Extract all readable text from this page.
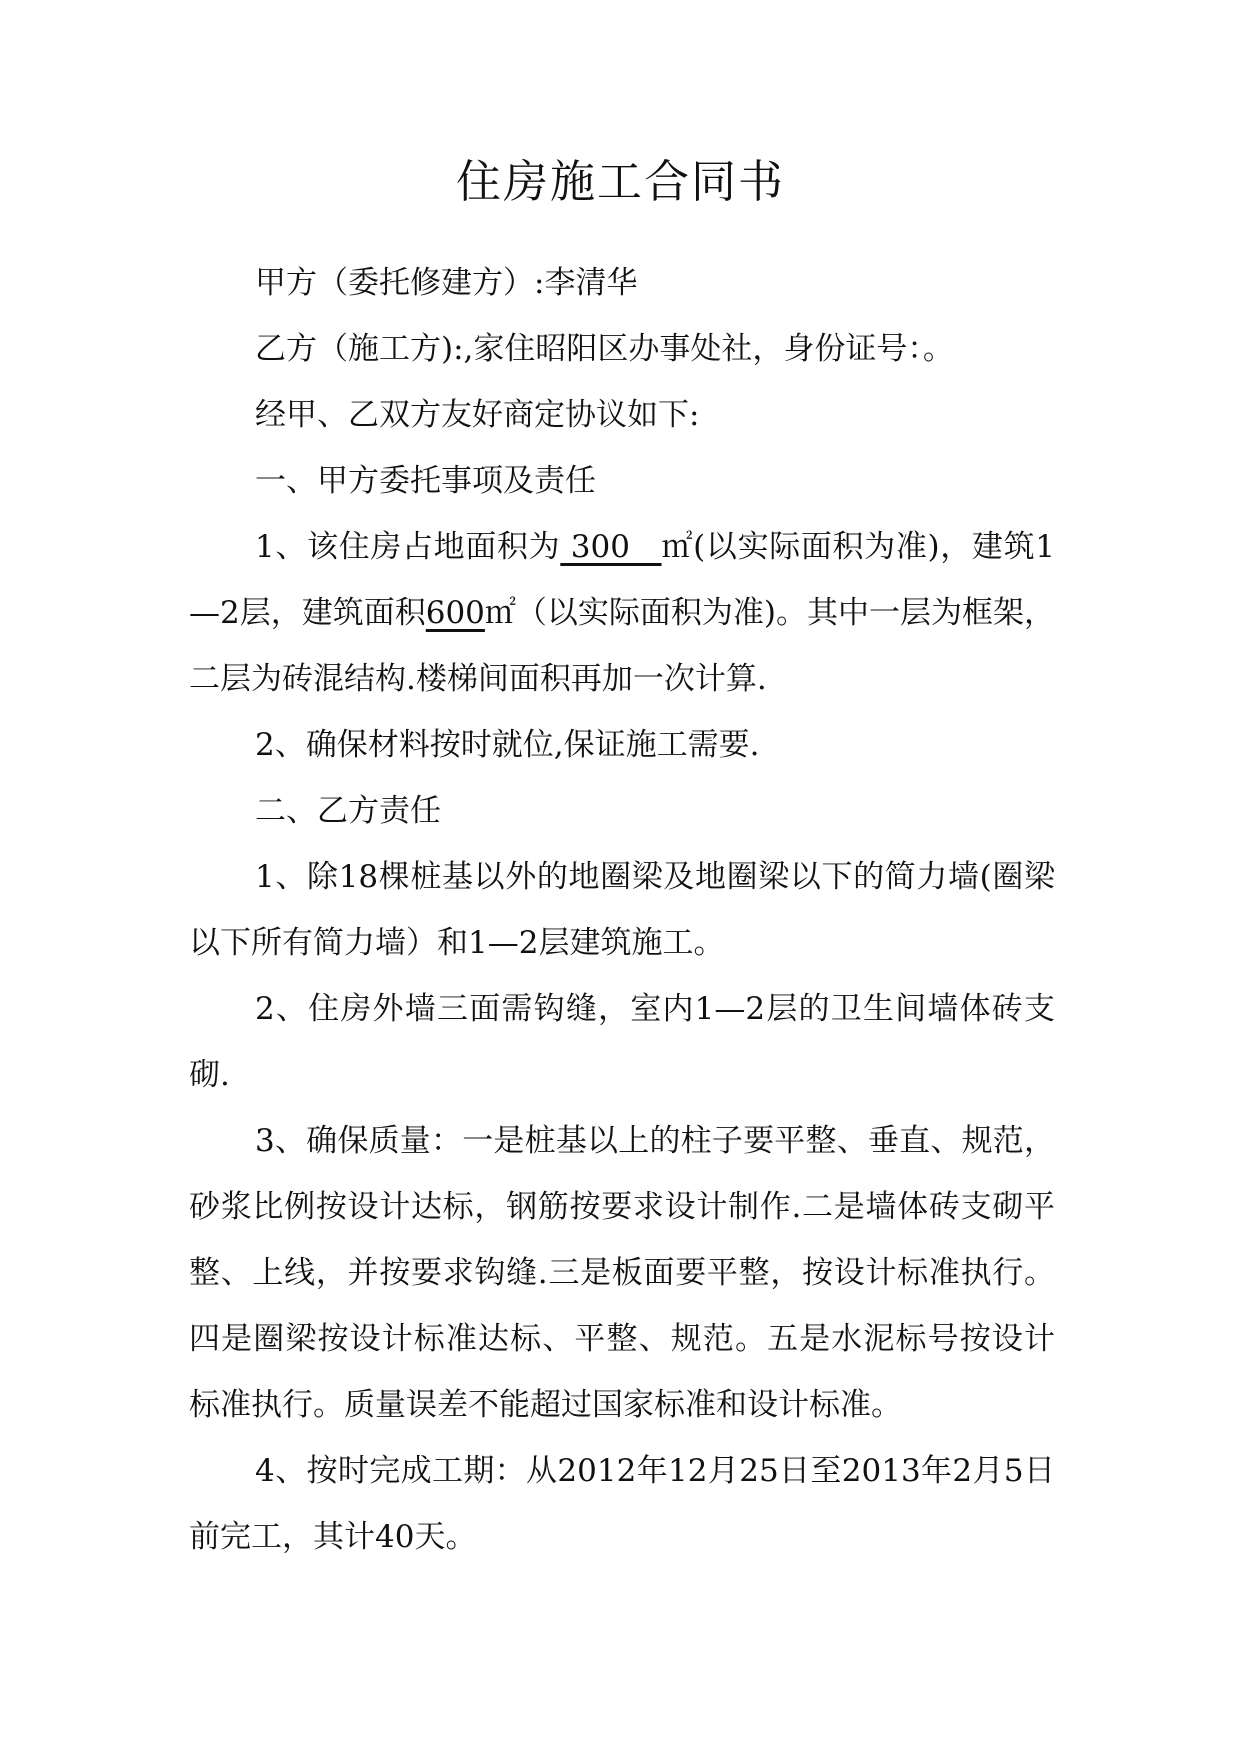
住房施工合同书

甲方（委托修建方）:李清华

乙方（施工方):,家住昭阳区办事处社，身份证号：。

经甲、乙双方友好商定协议如下:

一、甲方委托事项及责任

1、该住房占地面积为 300   ㎡(以实际面积为准)，建筑1—2层，建筑面积600㎡（以实际面积为准)。其中一层为框架，二层为砖混结构.楼梯间面积再加一次计算.

2、确保材料按时就位,保证施工需要.

二、乙方责任

1、除18棵桩基以外的地圈梁及地圈梁以下的简力墙(圈梁以下所有简力墙）和1—2层建筑施工。

2、住房外墙三面需钩缝，室内1—2层的卫生间墙体砖支砌.

3、确保质量：一是桩基以上的柱子要平整、垂直、规范，砂浆比例按设计达标，钢筋按要求设计制作.二是墙体砖支砌平整、上线，并按要求钩缝.三是板面要平整，按设计标准执行。四是圈梁按设计标准达标、平整、规范。五是水泥标号按设计标准执行。质量误差不能超过国家标准和设计标准。

4、按时完成工期：从2012年12月25日至2013年2月5日前完工，其计40天。
